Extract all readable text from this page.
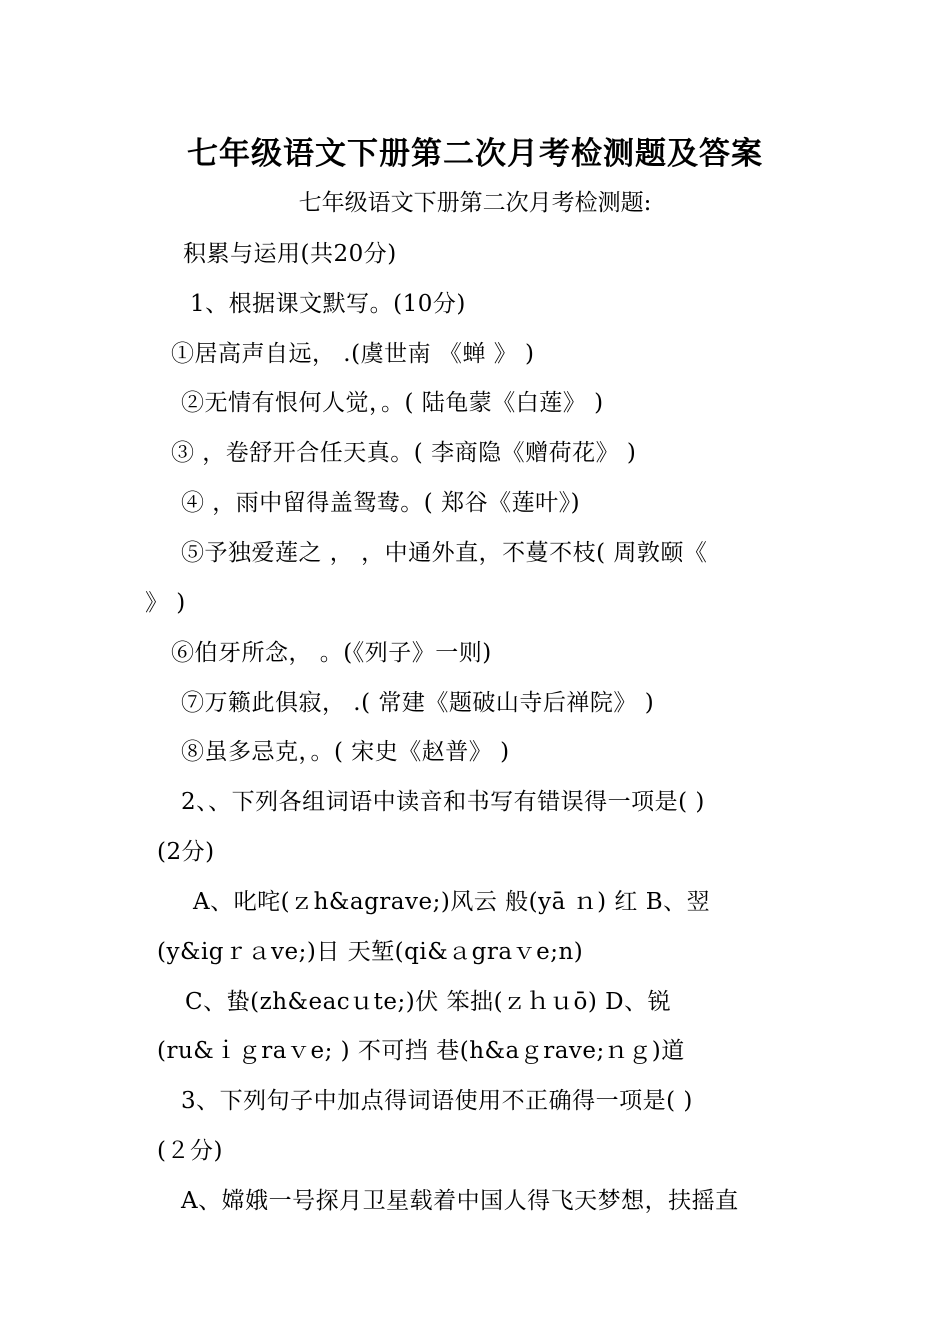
七年级语文下册第二次月考检测题及答案
七年级语文下册第二次月考检测题:
积累与运用(共20分)
1、根据课文默写。(10分)
①居高声自远， .(虞世南 《蝉 》 )
②无情有恨何人觉，。( 陆龟蒙《白莲》 )
③ ，卷舒开合任天真。( 李商隐《赠荷花》 )
④ ，雨中留得盖鸳鸯。( 郑谷《莲叶》)
⑤予独爱莲之 ， ，中通外直，不蔓不枝( 周敦颐《
》 )
⑥伯牙所念， 。(《列子》一则)
⑦万籁此俱寂， .( 常建《题破山寺后禅院》 )
⑧虽多忌克，。( 宋史《赵普》 )
2、、下列各组词语中读音和书写有错误得一项是( )
(2分)
A、叱咤(ｚh&agrave;)风云 般(yā ｎ) 红 B、翌
(y&igｒａve;)日 天堑(qi&ａgraｖe;n)
C、蛰(zh&eacｕte;)伏 笨拙(ｚｈｕō) D、锐
(ru&ｉｇraｖe; ) 不可挡 巷(h&aｇrave;ｎｇ)道
3、下列句子中加点得词语使用不正确得一项是( )
(２分)
A、嫦娥一号探月卫星载着中国人得飞天梦想，扶摇直
